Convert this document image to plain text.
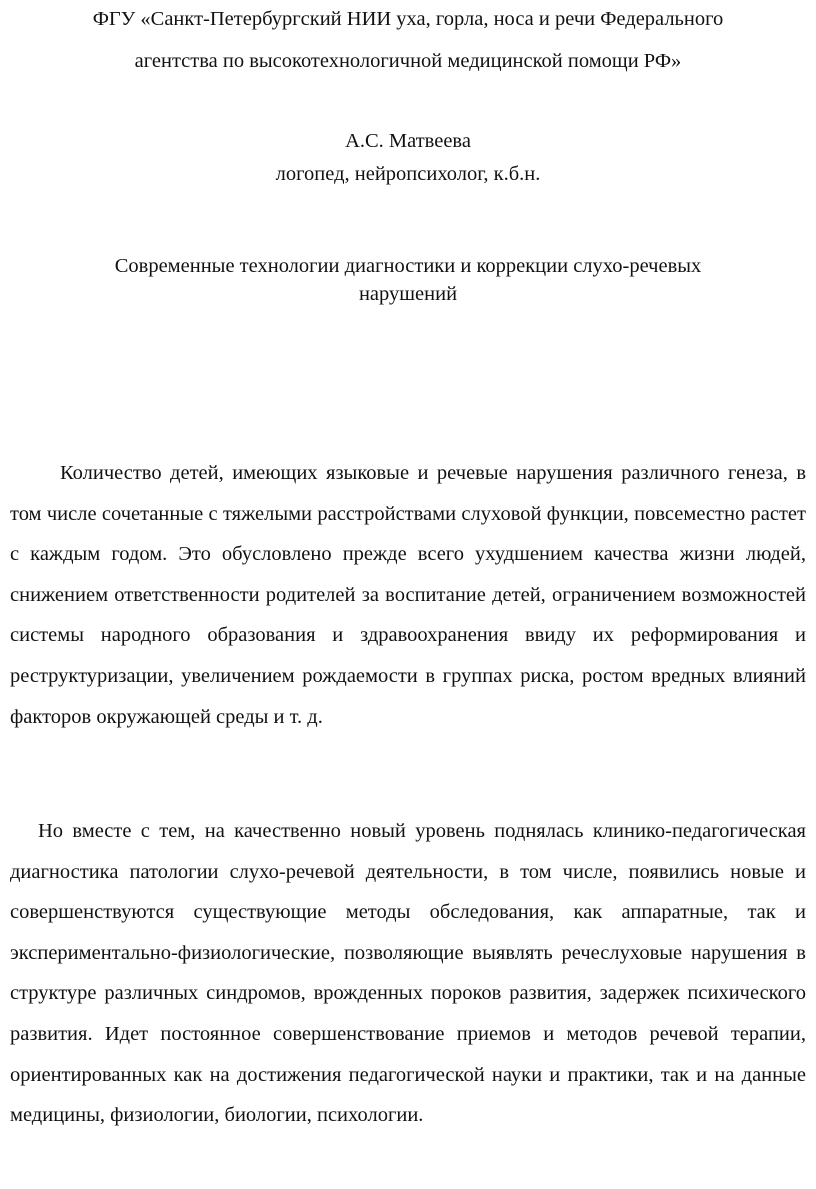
ФГУ «Санкт-Петербургский НИИ уха, горла, носа и речи Федерального
агентства по высокотехнологичной медицинской помощи РФ»
А.С. Матвеева
логопед, нейропсихолог, к.б.н.
Современные технологии диагностики и коррекции слухо-речевых
нарушений
Количество детей, имеющих языковые и речевые нарушения различного генеза, в том числе сочетанные с тяжелыми расстройствами слуховой функции, повсеместно растет с каждым годом. Это обусловлено прежде всего ухудшением качества жизни людей, снижением ответственности родителей за воспитание детей, ограничением возможностей системы народного образования и здравоохранения ввиду их реформирования и реструктуризации, увеличением рождаемости в группах риска, ростом вредных влияний факторов окружающей среды и т. д.
Но вместе с тем, на качественно новый уровень поднялась клинико-педагогическая диагностика патологии слухо-речевой деятельности, в том числе, появились новые и совершенствуются существующие методы обследования, как аппаратные, так и экспериментально-физиологические, позволяющие выявлять речеслуховые нарушения в структуре различных синдромов, врожденных пороков развития, задержек психического развития. Идет постоянное совершенствование приемов и методов речевой терапии, ориентированных как на достижения педагогической науки и практики, так и на данные медицины, физиологии, биологии, психологии.
